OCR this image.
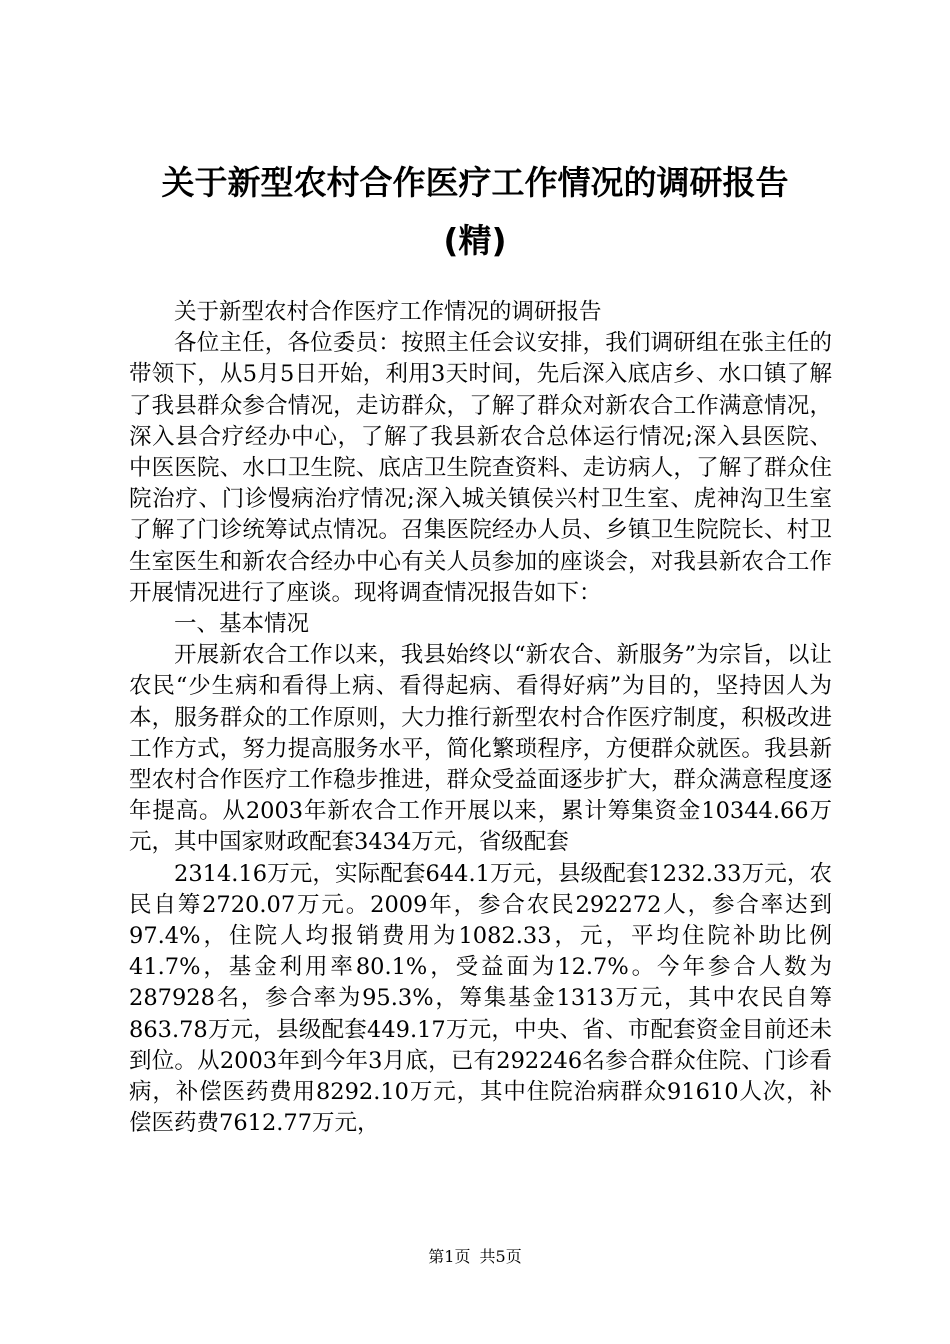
关于新型农村合作医疗工作情况的调研报告
(精)

关于新型农村合作医疗工作情况的调研报告

各位主任，各位委员：按照主任会议安排，我们调研组在张主任的带领下，从5月5日开始，利用3天时间，先后深入底店乡、水口镇了解了我县群众参合情况，走访群众，了解了群众对新农合工作满意情况，深入县合疗经办中心，了解了我县新农合总体运行情况;深入县医院、中医医院、水口卫生院、底店卫生院查资料、走访病人，了解了群众住院治疗、门诊慢病治疗情况;深入城关镇侯兴村卫生室、虎神沟卫生室了解了门诊统筹试点情况。召集医院经办人员、乡镇卫生院院长、村卫生室医生和新农合经办中心有关人员参加的座谈会，对我县新农合工作开展情况进行了座谈。现将调查情况报告如下：

一、基本情况

开展新农合工作以来，我县始终以“新农合、新服务”为宗旨，以让农民“少生病和看得上病、看得起病、看得好病”为目的，坚持因人为本，服务群众的工作原则，大力推行新型农村合作医疗制度，积极改进工作方式，努力提高服务水平，简化繁琐程序，方便群众就医。我县新型农村合作医疗工作稳步推进，群众受益面逐步扩大，群众满意程度逐年提高。从2003年新农合工作开展以来，累计筹集资金10344.66万元，其中国家财政配套3434万元，省级配套

2314.16万元，实际配套644.1万元，县级配套1232.33万元，农民自筹2720.07万元。2009年，参合农民292272人，参合率达到97.4%，住院人均报销费用为1082.33，元，平均住院补助比例41.7%，基金利用率80.1%，受益面为12.7%。今年参合人数为287928名，参合率为95.3%，筹集基金1313万元，其中农民自筹863.78万元，县级配套449.17万元，中央、省、市配套资金目前还未到位。从2003年到今年3月底，已有292246名参合群众住院、门诊看病，补偿医药费用8292.10万元，其中住院治病群众91610人次，补偿医药费7612.77万元，

第1页 共5页
